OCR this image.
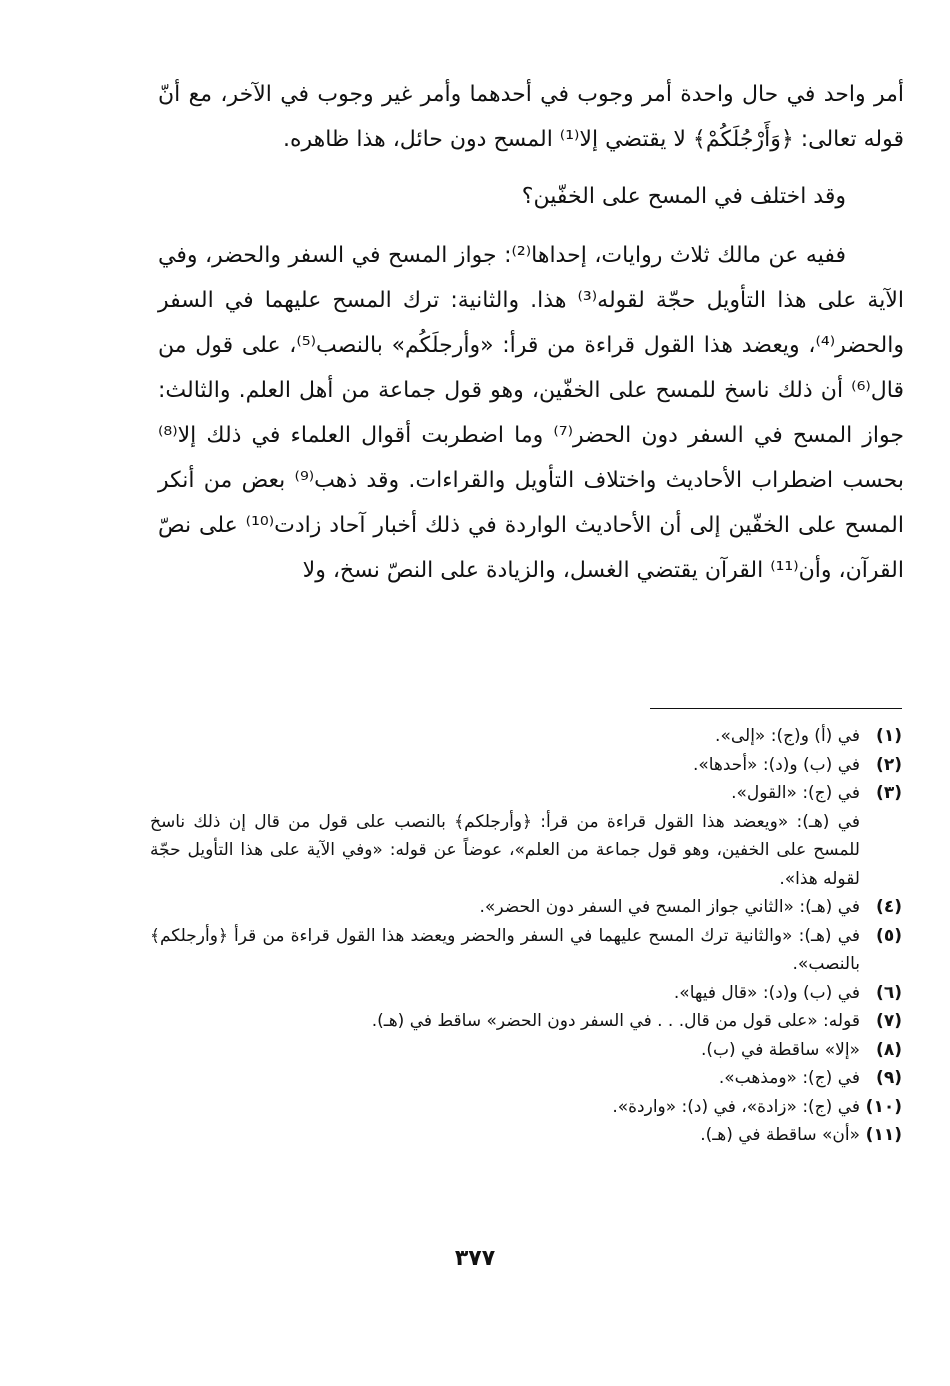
أمر واحد في حال واحدة أمر وجوب في أحدهما وأمر غير وجوب في الآخر، مع أنّ قوله تعالى: ﴿وَأَرْجُلَكُمْ﴾ لا يقتضي إلا⁽¹⁾ المسح دون حائل، هذا ظاهره.

وقد اختلف في المسح على الخفّين؟

ففيه عن مالك ثلاث روايات، إحداها⁽²⁾: جواز المسح في السفر والحضر، وفي الآية على هذا التأويل حجّة لقوله⁽³⁾ هذا. والثانية: ترك المسح عليهما في السفر والحضر⁽⁴⁾، ويعضد هذا القول قراءة من قرأ: «وأرجلَكُم» بالنصب⁽⁵⁾، على قول من قال⁽⁶⁾ أن ذلك ناسخ للمسح على الخفّين، وهو قول جماعة من أهل العلم. والثالث: جواز المسح في السفر دون الحضر⁽⁷⁾ وما اضطربت أقوال العلماء في ذلك إلا⁽⁸⁾ بحسب اضطراب الأحاديث واختلاف التأويل والقراءات. وقد ذهب⁽⁹⁾ بعض من أنكر المسح على الخفّين إلى أن الأحاديث الواردة في ذلك أخبار آحاد زادت⁽¹⁰⁾ على نصّ القرآن، وأن⁽¹¹⁾ القرآن يقتضي الغسل، والزيادة على النصّ نسخ، ولا

(١)
في (أ) و(ج): «إلى».
(٢)
في (ب) و(د): «أحدها».
(٣)
في (ج): «القول».
في (هـ): «ويعضد هذا القول قراءة من قرأ: ﴿وأرجلكم﴾ بالنصب على قول من قال إن ذلك ناسخ للمسح على الخفين، وهو قول جماعة من العلم»، عوضاً عن قوله: «وفي الآية على هذا التأويل حجّة لقوله هذا».
(٤)
في (هـ): «الثاني جواز المسح في السفر دون الحضر».
(٥)
في (هـ): «والثانية ترك المسح عليهما في السفر والحضر ويعضد هذا القول قراءة من قرأ ﴿وأرجلكم﴾ بالنصب».
(٦)
في (ب) و(د): «قال فيها».
(٧)
قوله: «على قول من قال. . . في السفر دون الحضر» ساقط في (هـ).
(٨)
«إلا» ساقطة في (ب).
(٩)
في (ج): «ومذهب».
(١٠)
في (ج): «زادة»، في (د): «واردة».
(١١)
«أن» ساقطة في (هـ).
٣٧٧
